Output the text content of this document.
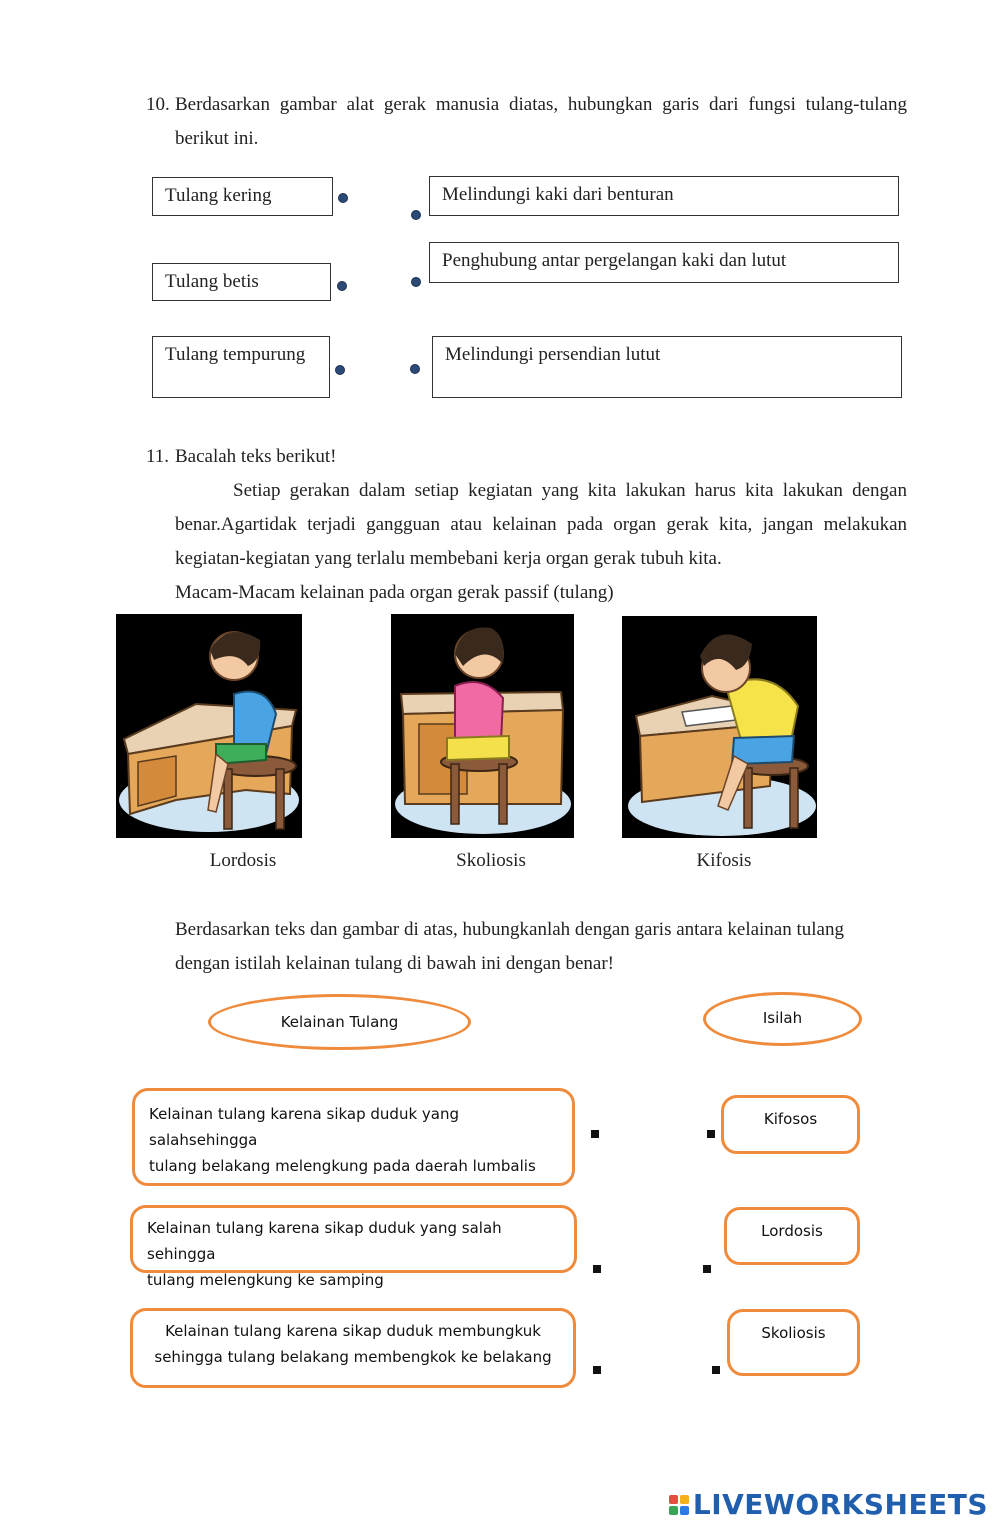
10. Berdasarkan gambar alat gerak manusia diatas, hubungkan garis dari fungsi tulang-tulang
berikut ini.
Tulang kering
Tulang betis
Tulang tempurung
Melindungi kaki dari benturan
Penghubung antar pergelangan kaki dan lutut
Melindungi persendian lutut
11. Bacalah teks berikut!
Setiap gerakan dalam setiap kegiatan yang kita lakukan harus kita lakukan dengan
benar.Agartidak terjadi gangguan atau kelainan pada organ gerak kita, jangan melakukan
kegiatan-kegiatan yang terlalu membebani kerja organ gerak tubuh kita.
Macam-Macam kelainan pada organ gerak passif (tulang)
Lordosis	Skoliosis	Kifosis
Berdasarkan teks dan gambar di atas, hubungkanlah dengan garis antara kelainan tulang
dengan istilah kelainan tulang di bawah ini dengan benar!
Kelainan Tulang	Isilah
Kelainan tulang karena sikap duduk yang salahsehingga
tulang belakang melengkung pada daerah lumbalis
Kelainan tulang karena sikap duduk yang salah sehingga
tulang melengkung ke samping
Kelainan tulang karena sikap duduk membungkuk
sehingga tulang belakang membengkok ke belakang
Kifosos
Lordosis
Skoliosis
LIVEWORKSHEETS
